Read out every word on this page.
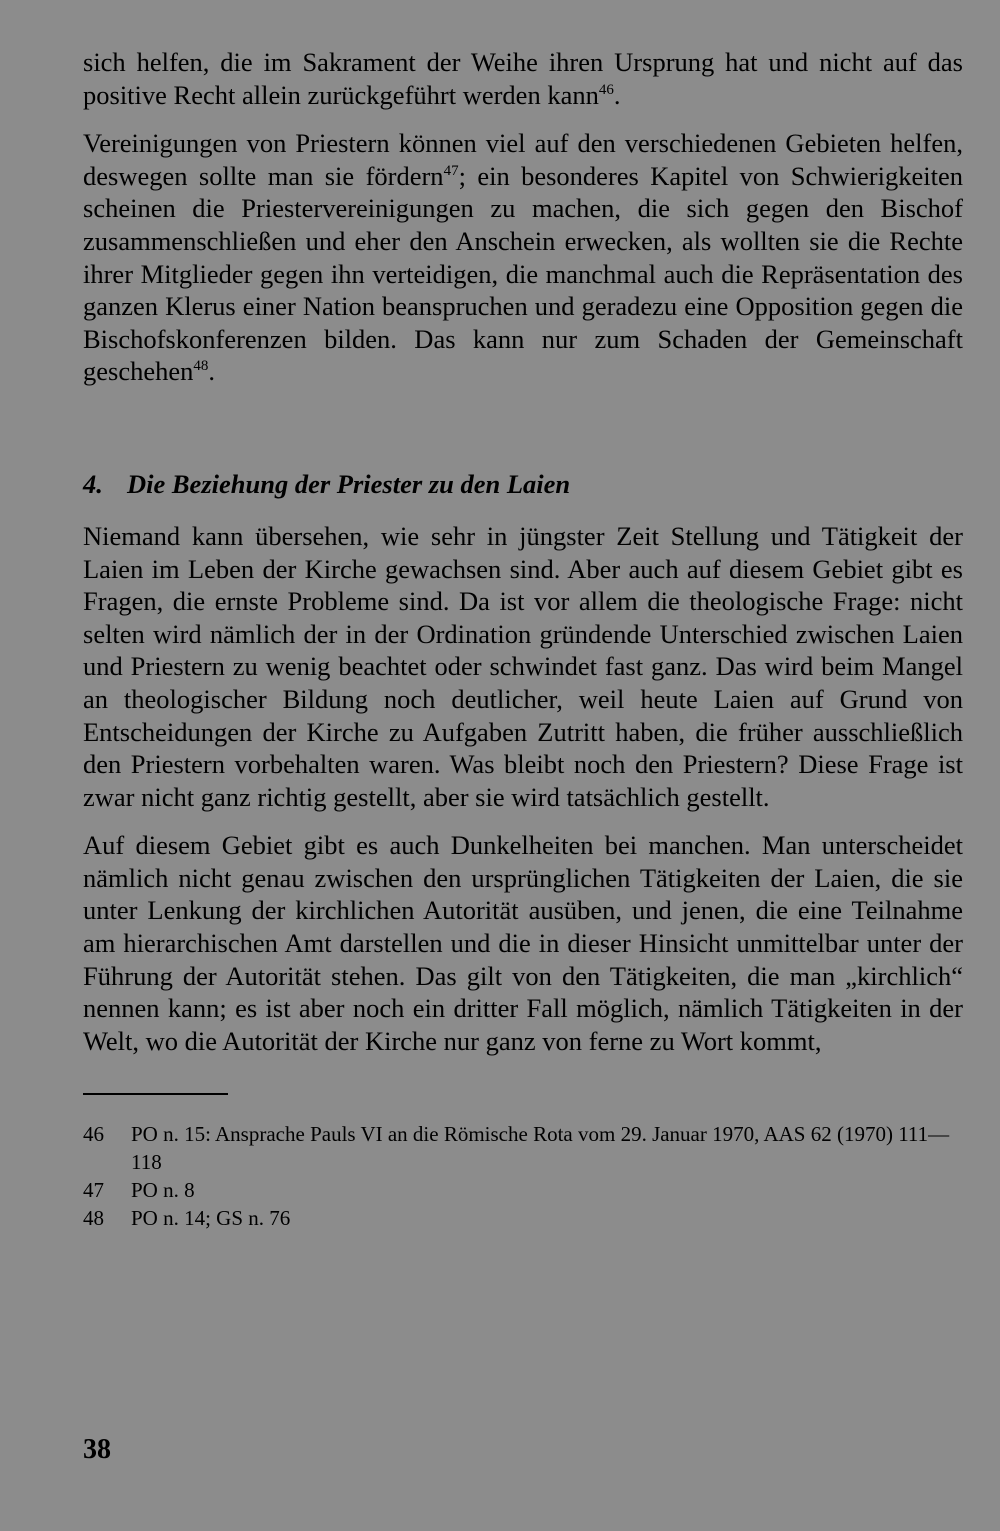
sich helfen, die im Sakrament der Weihe ihren Ursprung hat und nicht auf das positive Recht allein zurückgeführt werden kann$^{46}$.

Vereinigungen von Priestern können viel auf den verschiedenen Gebieten helfen, deswegen sollte man sie fördern$^{47}$; ein besonderes Kapitel von Schwierigkeiten scheinen die Priestervereinigungen zu machen, die sich gegen den Bischof zusammenschließen und eher den Anschein erwecken, als wollten sie die Rechte ihrer Mitglieder gegen ihn verteidigen, die manchmal auch die Repräsentation des ganzen Klerus einer Nation beanspruchen und geradezu eine Opposition gegen die Bischofskonferenzen bilden. Das kann nur zum Schaden der Gemeinschaft geschehen$^{48}$.

4. Die Beziehung der Priester zu den Laien

Niemand kann übersehen, wie sehr in jüngster Zeit Stellung und Tätigkeit der Laien im Leben der Kirche gewachsen sind. Aber auch auf diesem Gebiet gibt es Fragen, die ernste Probleme sind. Da ist vor allem die theologische Frage: nicht selten wird nämlich der in der Ordination gründende Unterschied zwischen Laien und Priestern zu wenig beachtet oder schwindet fast ganz. Das wird beim Mangel an theologischer Bildung noch deutlicher, weil heute Laien auf Grund von Entscheidungen der Kirche zu Aufgaben Zutritt haben, die früher ausschließlich den Priestern vorbehalten waren. Was bleibt noch den Priestern? Diese Frage ist zwar nicht ganz richtig gestellt, aber sie wird tatsächlich gestellt.

Auf diesem Gebiet gibt es auch Dunkelheiten bei manchen. Man unterscheidet nämlich nicht genau zwischen den ursprünglichen Tätigkeiten der Laien, die sie unter Lenkung der kirchlichen Autorität ausüben, und jenen, die eine Teilnahme am hierarchischen Amt darstellen und die in dieser Hinsicht unmittelbar unter der Führung der Autorität stehen. Das gilt von den Tätigkeiten, die man „kirchlich“ nennen kann; es ist aber noch ein dritter Fall möglich, nämlich Tätigkeiten in der Welt, wo die Autorität der Kirche nur ganz von ferne zu Wort kommt,

46	PO n. 15: Ansprache Pauls VI an die Römische Rota vom 29. Januar 1970, AAS 62 (1970) 111—118
47	PO n. 8
48	PO n. 14; GS n. 76
38
